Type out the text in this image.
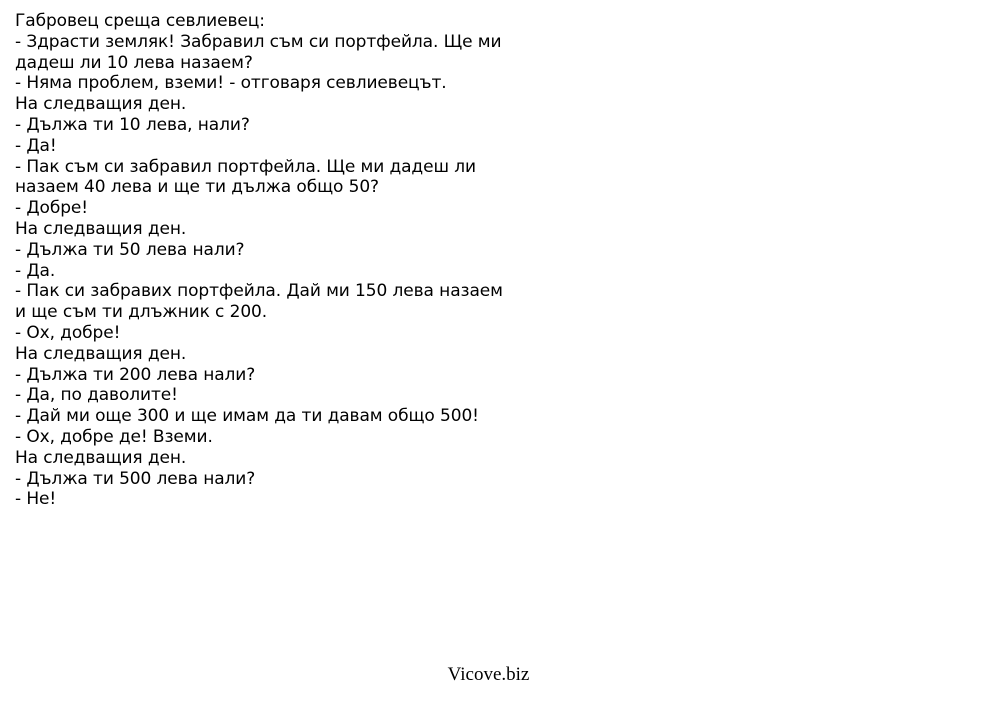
Габровец среща севлиевец:
- Здрасти земляк! Забравил съм си портфейла. Ще ми
дадеш ли 10 лева назаем?
- Няма проблем, вземи! - отговаря севлиевецът.
На следващия ден.
- Дължа ти 10 лева, нали?
- Да!
- Пак съм си забравил портфейла. Ще ми дадеш ли
назаем 40 лева и ще ти дължа общо 50?
- Добре!
На следващия ден.
- Дължа ти 50 лева нали?
- Да.
- Пак си забравих портфейла. Дай ми 150 лева назаем
и ще съм ти длъжник с 200.
- Ох, добре!
На следващия ден.
- Дължа ти 200 лева нали?
- Да, по даволите!
- Дай ми още 300 и ще имам да ти давам общо 500!
- Ох, добре де! Вземи.
На следващия ден.
- Дължа ти 500 лева нали?
- Не!
Vicove.biz
